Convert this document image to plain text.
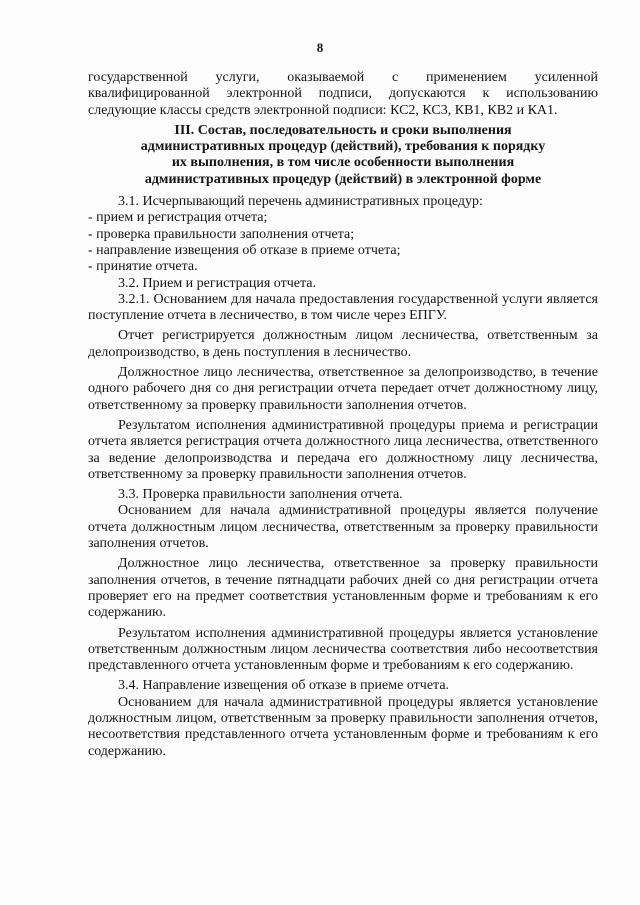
8

государственной услуги, оказываемой с применением усиленной квалифицированной электронной подписи, допускаются к использованию следующие классы средств электронной подписи: КС2, КС3, КВ1, КВ2 и КА1.

III. Состав, последовательность и сроки выполнения
административных процедур (действий), требования к порядку
их выполнения, в том числе особенности выполнения
административных процедур (действий) в электронной форме

3.1. Исчерпывающий перечень административных процедур:

- прием и регистрация отчета;

- проверка правильности заполнения отчета;

- направление извещения об отказе в приеме отчета;

- принятие отчета.

3.2. Прием и регистрация отчета.

3.2.1. Основанием для начала предоставления государственной услуги является поступление отчета в лесничество, в том числе через ЕПГУ.

Отчет регистрируется должностным лицом лесничества, ответственным за делопроизводство, в день поступления в лесничество.

Должностное лицо лесничества, ответственное за делопроизводство, в течение одного рабочего дня со дня регистрации отчета передает отчет должностному лицу, ответственному за проверку правильности заполнения отчетов.

Результатом исполнения административной процедуры приема и регистрации отчета является регистрация отчета должностного лица лесничества, ответственного за ведение делопроизводства и передача его должностному лицу лесничества, ответственному за проверку правильности заполнения отчетов.

3.3. Проверка правильности заполнения отчета.

Основанием для начала административной процедуры является получение отчета должностным лицом лесничества, ответственным за проверку правильности заполнения отчетов.

Должностное лицо лесничества, ответственное за проверку правильности заполнения отчетов, в течение пятнадцати рабочих дней со дня регистрации отчета проверяет его на предмет соответствия установленным форме и требованиям к его содержанию.

Результатом исполнения административной процедуры является установление ответственным должностным лицом лесничества соответствия либо несоответствия представленного отчета установленным форме и требованиям к его содержанию.

3.4. Направление извещения об отказе в приеме отчета.

Основанием для начала административной процедуры является установление должностным лицом, ответственным за проверку правильности заполнения отчетов, несоответствия представленного отчета установленным форме и требованиям к его содержанию.
